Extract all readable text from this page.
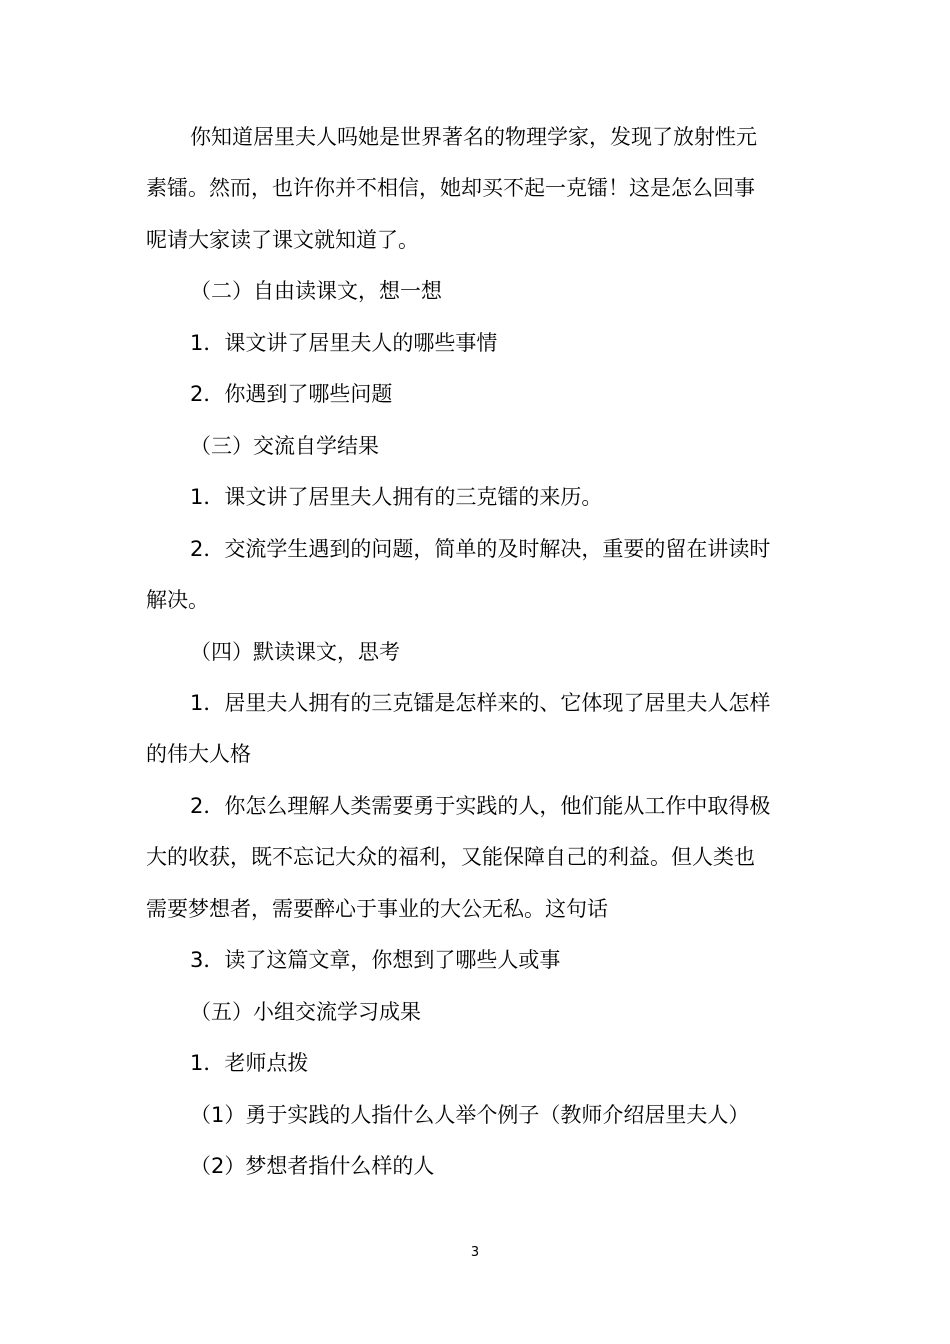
你知道居里夫人吗她是世界著名的物理学家，发现了放射性元
素镭。然而，也许你并不相信，她却买不起一克镭！这是怎么回事
呢请大家读了课文就知道了。
（二）自由读课文，想一想
1．课文讲了居里夫人的哪些事情
2．你遇到了哪些问题
（三）交流自学结果
1．课文讲了居里夫人拥有的三克镭的来历。
2．交流学生遇到的问题，简单的及时解决，重要的留在讲读时
解决。
（四）默读课文，思考
1．居里夫人拥有的三克镭是怎样来的、它体现了居里夫人怎样
的伟大人格
2．你怎么理解人类需要勇于实践的人，他们能从工作中取得极
大的收获，既不忘记大众的福利，又能保障自己的利益。但人类也
需要梦想者，需要醉心于事业的大公无私。这句话
3．读了这篇文章，你想到了哪些人或事
（五）小组交流学习成果
1．老师点拨
（1）勇于实践的人指什么人举个例子（教师介绍居里夫人）
（2）梦想者指什么样的人
3
